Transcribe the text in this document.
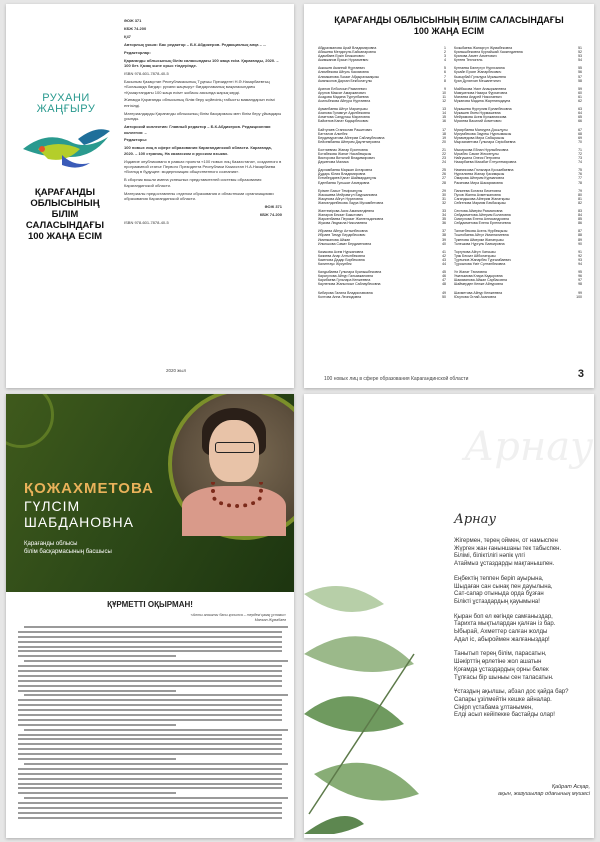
РУХАНИ
ЖАҢҒЫРУ
ҚАРАҒАНДЫ ОБЛЫСЫНЫҢ БІЛІМ САЛАСЫНДАҒЫ 100 ЖАҢА ЕСІМ

ӘОЖ 371

КБЖ 74.200

Қ47

Авторлық ұжым: Бас редактор – Б.К.Абдикеров. Редакциялық алқа – ...

Редакторлар:

Қарағанды облысының білім саласындағы 100 жаңа есім. Қарағанды, 2020. – 100 бет. Қазақ және орыс тілдерінде.

ISBN 978-601-7878-40-5

Басылым Қазақстан Республикасының Тұңғыш Президенті Н.Ә.Назарбаевтың «Болашаққа бағдар: рухани жаңғыру» бағдарламалық мақаласындағы «Қазақстандағы 100 жаңа есім» жобасы аясында жарық көрді.

Жинаққа Қарағанды облысының білім беру жүйесінің табысты мамандарын есімі енгізілді.

Материалдарды Қарағанды облысының білім басқармасы мен білім беру ұйымдары ұсынды.

Авторский коллектив: Главный редактор – Б.К.Абдикеров. Редакционная коллегия: –

Редакторы:

100 новых лиц в сфере образования Карагандинской области. Караганда, 2020. – 100 страниц. На казахском и русском языках.

Издание опубликовано в рамках проекта «100 новых лиц Казахстана», созданного в программной статье Первого Президента Республики Казахстан Н.А.Назарбаева «Взгляд в будущее: модернизация общественного сознания».

В сборник вошли имена успешных представителей системы образования Карагандинской области.

Материалы предоставлены отделом образования и областными организациями образования Карагандинской области.

ӘОЖ 371

КБЖ 74.200

ISBN 978-601-7878-40-5

2020 жыл
ҚАРАҒАНДЫ ОБЛЫСЫНЫҢ БІЛІМ САЛАСЫНДАҒЫ
100 ЖАҢА ЕСІМ
Абдрахманова Арай Владимировна	1
Абишева Мендигуль Байсапаровна	2
Адамбаев Еркін Бекжанович	3
Акимжанов Еркын Нурахмевич	4
Аккошев Аманғай Нұртаевич	5
Алимбекова Айгуль Касимовна	6
Алимжанова Ләззат Абдырахымқызы	7
Аманжолов Дархан Бекболатұлы	8
Аринов Елболсын Рамилевич	9
Арунов Максат Амаржанович	10
Асадова Мадина Тургунбаевна	11
Асильбекова Айнура Нуртаевна	12
Ауманбаева Айгүл Маратқызы	13
Аханова Гуламгул Адилбековна	14
Ахметова Сандугаш Маратовна	15
Байкенов Канат Кадырбекович	16
Байтугаев Станислав Рашитович	17
Батталов Алкебек	18
Бердимуратова Айгерим Сайлаубековна	19
Бейсембаева Айгерим Даулеткеровна	20
Болтаевпас Жанар Ерсеновна	21
Ботабекова Жанат Насабекқызы	22
Викторова Виталий Владимирович	23
Даукенова Малика	24
Дархамбаева Маржан Ахтаровна	25
Дударь Юлия Владимировна	26
Егембердиев Қанат Шаймарданұлы	27
Еденбаева Гульшат Ахмедовна	28
Ерімен Бахыт Темірханұлы	29
Жакашева Мейрамгүл Бауржановна	30
Жакупова Айгүл Нуратовна	31
Жанкелдинбекова Лаура Мухамбетовна	32
Жантемірова Асия Аманкелдіевна	33
Жапаров Бекзат Бакытович	34
Жаркенбаева Перизат Жангельдиновна	35
Жукова Людмила Николаевна	36
Ибраева Айнур Алтынбековна	37
Ибраев Тимур Бердибекович	38
Иминжанова Айжан	39
Ильюшова Самат Бердикеновна	40
Казакова Асем Нуржановна	41
Казиева Анар Алтынбековна	42
Какенова Дадар Бирбековна	43
Калинтаус Жусупбек	44
Калдыбаева Гульнара Куанышбековна	45
Карагулова Айнур Галымжановна	46
Карибаева Гульнара Кенжеевна	47
Кауленова Жанылсын Сайлаубековна	48
Кибирова Галина Владиславовна	49
Колтова Анна Леонидовна	50
Козыбаева Жанаргүл Жумабековна	51
Куанышбековна Кургайшай Хаскелдиевна	52
Куанова Ахмет Ахметович	53
Кутеев Техногель	54
Кутпаева Бөлеугүл Нургизияна	55
Кусайн Ерсин Жанарбекович	56
Кызырбай Гульнура Мукашевна	57
Қуан Дулатхан Мешанетигич	58
Майбасова Умит Анаырканевна	59
Мамукенова Назира Фурхатовна	60
Матаева Андрей Николаевич	61
Муканова Мадина Жартпинкдауна	62
Мукашева Нургулим Ерланбековна	63
Мукашев Әсем Нурмашевна	64
Мейрамова Асем Кулжаниязова	65
Мусиева Василий Ахметович	66
Мусирбаева Мансурға Досәлұлы	67
Мусумбекова Зауреш Нурлымкызы	68
Мухамедова Мира Сабыркызы	69
Мырзахметова Гульнара Серікбаевна	70
Мысиркова Ейлан Нурлыбековна	71
Мусабек Самат Жексенұлы	72
Найгушина Олеся Петровна	73
Назарбаева Махабат Елтуктемировна	74
Наяниязова Гюльнара Қосымбаевна	75
Нургалиева Жанар Қасимқызы	76
Омарова Айгерим Курмановна	77
Ракинова Мира Шакаримовна	78
Панкеева Ботагөз Бекетовна	79
Пухов Жанна Ахметжановна	80
Сагандыкова Айгерим Жанатқызы	81
Сейгенова Мариям Бекбасқызы	82
Сеитова Айкерім Рахмановна	83
Сейдахметова Айгерим Болатовна	84
Смагулова Елена Александровна	85
Сейдахметова Елена Ергеничевна	86
Талгатбекова Асель Нурбекқызы	87
Тоштобаева Айгүл Имангалиевна	88
Тукенова Айкерим Жанатқызы	89
Толешова Нұргуль Баекировна	90
Торгупова Айгүл Хаткызы	91
Туяк Бекзат Айболатқызы	92
Тұрғынов Жанарбек Тургымбаевич	93
Тұрсынова Үміт Султанбековна	94
Ул Жанат Тюлиявна	95
Уматымова Клара Кадыровна	96
Шакиманова Айжан Сарбасовна	97
Шаймерден Кенже Айнуровна	98
Шахметова Айнур Кенжеевна	99
Юсупова Оглай Асановна	100
100 новых лиц в сфере образования Карагандинской области	3
ҚОЖАХМЕТОВА
ГҮЛСІМ
ШАБДАНОВНА
Қарағанды облысы
білім басқармасының басшысы
ҚҰРМЕТТІ ОҚЫРМАН!
«Алты алашты басы қосылса – тердегі қазақ ұстазы»
Мағжан Жұмабаев
Арнау
Арнау

Жігермен, терең оймен, от намыспен
Жүрген жан ғаныншаны тек табыспен.
Білімі, біліктілігі нәпік үлгі
Атаймыз ұстаздарды мақтанышпен.

Еңбектің теппен беріп ауырына,
Шыдаған сан сынақ пен дауылына,
Сат-сапар отыныда орда бұзған
Білікті ұстаздардың қауымына!

Қыран боп ел көгінде самғаныздар,
Тарихта мықтылардан қалған із бар.
Ыбырай, Ахметтер салған жолды
Адал іс, абыроймен жалғаныздар!

Танытып терең білім, парасатын,
Шәкірттің өрлетіне жол ашатын
Қоғамда ұстаздардың орны бөлек
Тұлғасы бір шыныы сен таласатын.

Ұстаздың ақылшы, абзал дос қайда бар?
Сапары ұзілмейтін кешке айналар.
Сіңірп үстабама ұлтанымен,
Елді асыл кейіпекке бастайды олар!

Қайрат Асқар,
ақын, жазушылар одағының мүшесі
